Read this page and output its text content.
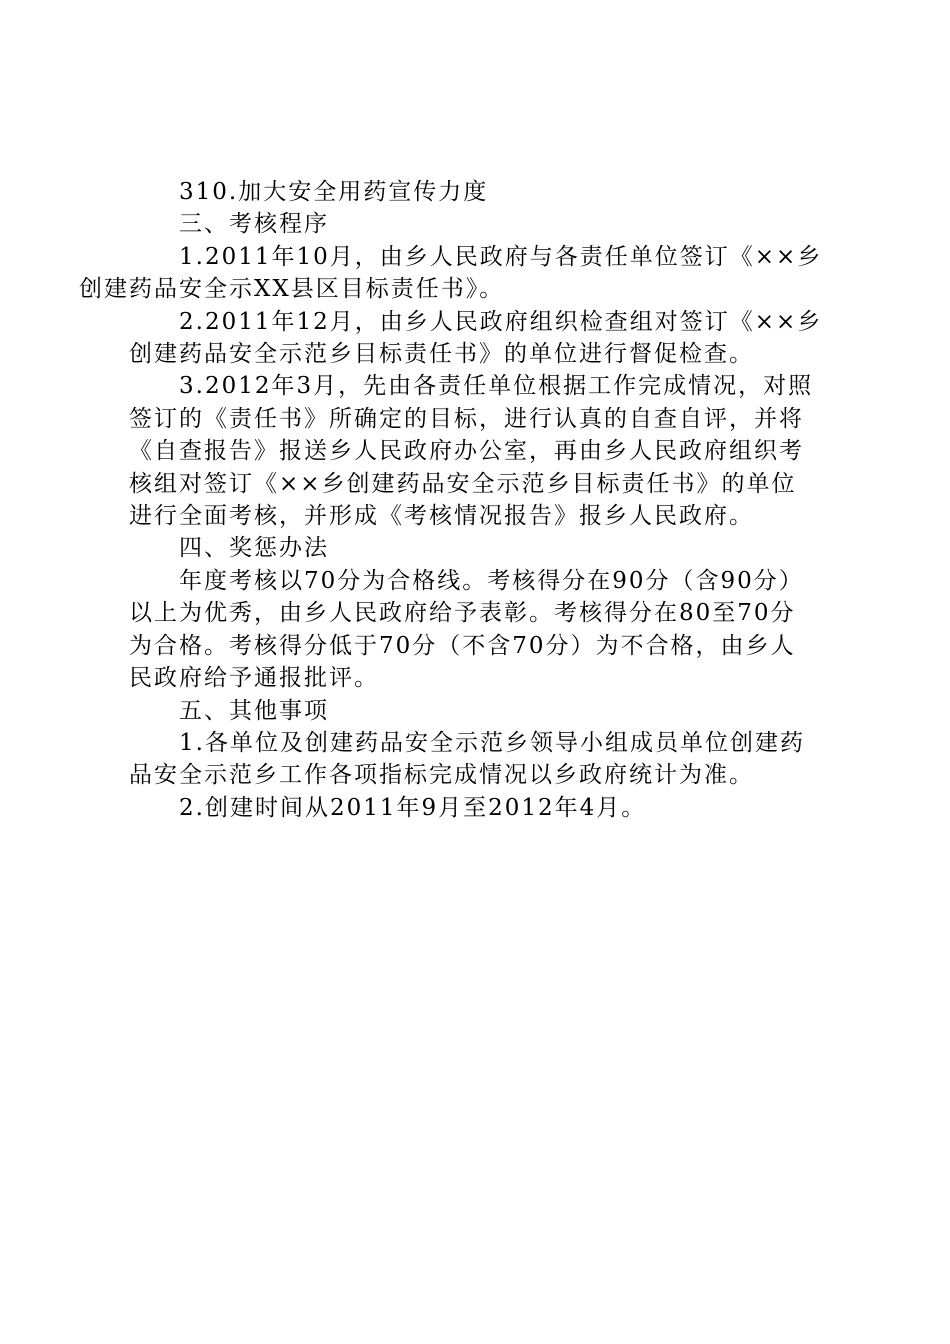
310.加大安全用药宣传力度

三、考核程序

1.2011年10月，由乡人民政府与各责任单位签订《××乡
创建药品安全示XX县区目标责任书》。

2.2011年12月，由乡人民政府组织检查组对签订《××乡
创建药品安全示范乡目标责任书》的单位进行督促检查。

3.2012年3月，先由各责任单位根据工作完成情况，对照
签订的《责任书》所确定的目标，进行认真的自查自评，并将
《自查报告》报送乡人民政府办公室，再由乡人民政府组织考
核组对签订《××乡创建药品安全示范乡目标责任书》的单位
进行全面考核，并形成《考核情况报告》报乡人民政府。

四、奖惩办法

年度考核以70分为合格线。考核得分在90分（含90分）
以上为优秀，由乡人民政府给予表彰。考核得分在80至70分
为合格。考核得分低于70分（不含70分）为不合格，由乡人
民政府给予通报批评。

五、其他事项

1.各单位及创建药品安全示范乡领导小组成员单位创建药
品安全示范乡工作各项指标完成情况以乡政府统计为准。

2.创建时间从2011年9月至2012年4月。
